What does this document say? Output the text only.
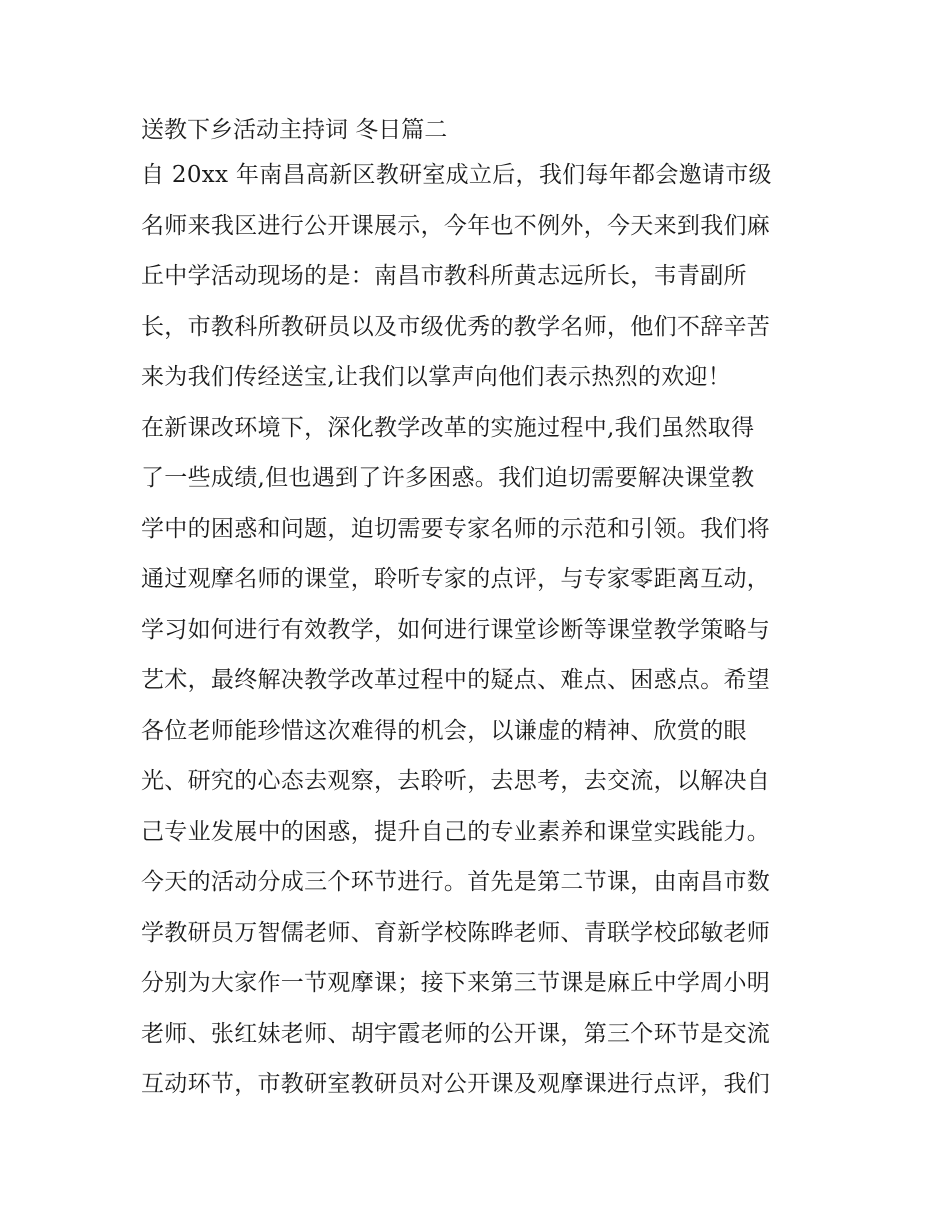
送教下乡活动主持词 冬日篇二

自 20xx 年南昌高新区教研室成立后，我们每年都会邀请市级

名师来我区进行公开课展示，今年也不例外，今天来到我们麻

丘中学活动现场的是：南昌市教科所黄志远所长，韦青副所

长，市教科所教研员以及市级优秀的教学名师，他们不辞辛苦

来为我们传经送宝,让我们以掌声向他们表示热烈的欢迎！

在新课改环境下，深化教学改革的实施过程中,我们虽然取得

了一些成绩,但也遇到了许多困惑。我们迫切需要解决课堂教

学中的困惑和问题，迫切需要专家名师的示范和引领。我们将

通过观摩名师的课堂，聆听专家的点评，与专家零距离互动，

学习如何进行有效教学，如何进行课堂诊断等课堂教学策略与

艺术，最终解决教学改革过程中的疑点、难点、困惑点。希望

各位老师能珍惜这次难得的机会，以谦虚的精神、欣赏的眼

光、研究的心态去观察，去聆听，去思考，去交流，以解决自

己专业发展中的困惑，提升自己的专业素养和课堂实践能力。

今天的活动分成三个环节进行。首先是第二节课，由南昌市数

学教研员万智儒老师、育新学校陈晔老师、青联学校邱敏老师

分别为大家作一节观摩课；接下来第三节课是麻丘中学周小明

老师、张红妹老师、胡宇霞老师的公开课，第三个环节是交流

互动环节，市教研室教研员对公开课及观摩课进行点评，我们
